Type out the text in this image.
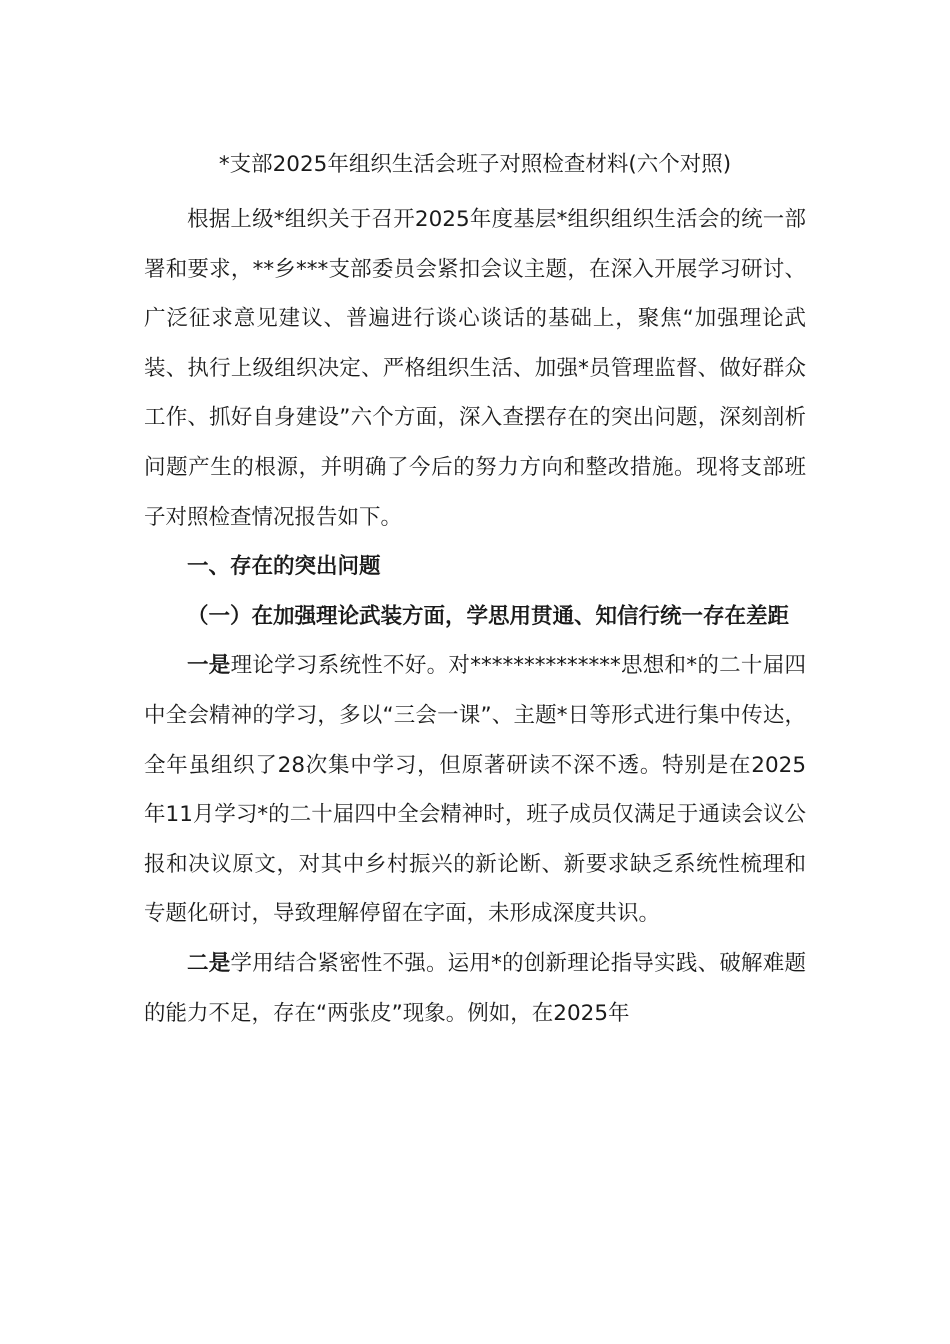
*支部2025年组织生活会班子对照检查材料(六个对照)

根据上级*组织关于召开2025年度基层*组织组织生活会的统一部署和要求，**乡***支部委员会紧扣会议主题，在深入开展学习研讨、广泛征求意见建议、普遍进行谈心谈话的基础上，聚焦“加强理论武装、执行上级组织决定、严格组织生活、加强*员管理监督、做好群众工作、抓好自身建设”六个方面，深入查摆存在的突出问题，深刻剖析问题产生的根源，并明确了今后的努力方向和整改措施。现将支部班子对照检查情况报告如下。

一、存在的突出问题

（一）在加强理论武装方面，学思用贯通、知信行统一存在差距

一是理论学习系统性不好。对**************思想和*的二十届四中全会精神的学习，多以“三会一课”、主题*日等形式进行集中传达，全年虽组织了28次集中学习，但原著研读不深不透。特别是在2025年11月学习*的二十届四中全会精神时，班子成员仅满足于通读会议公报和决议原文，对其中乡村振兴的新论断、新要求缺乏系统性梳理和专题化研讨，导致理解停留在字面，未形成深度共识。

二是学用结合紧密性不强。运用*的创新理论指导实践、破解难题的能力不足，存在“两张皮”现象。例如，在2025年
